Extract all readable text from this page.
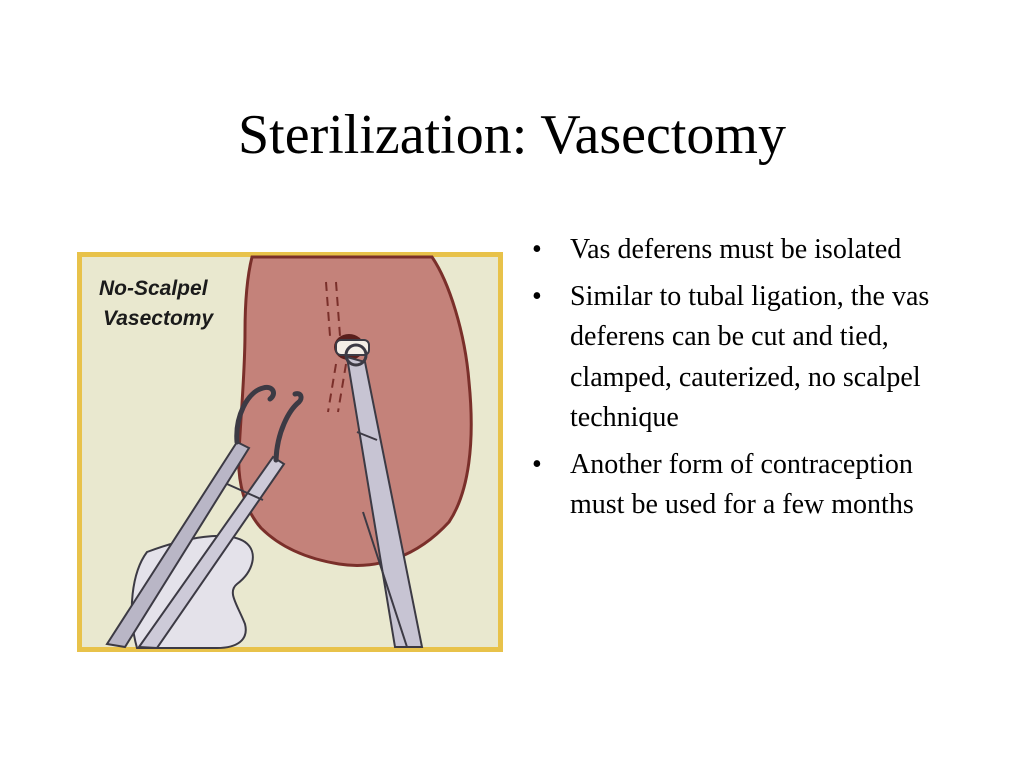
Sterilization: Vasectomy
No-Scalpel
Vasectomy
• Vas deferens must be isolated
• Similar to tubal ligation, the vas deferens can be cut and tied, clamped, cauterized, no scalpel technique
• Another form of contraception must be used for a few months
